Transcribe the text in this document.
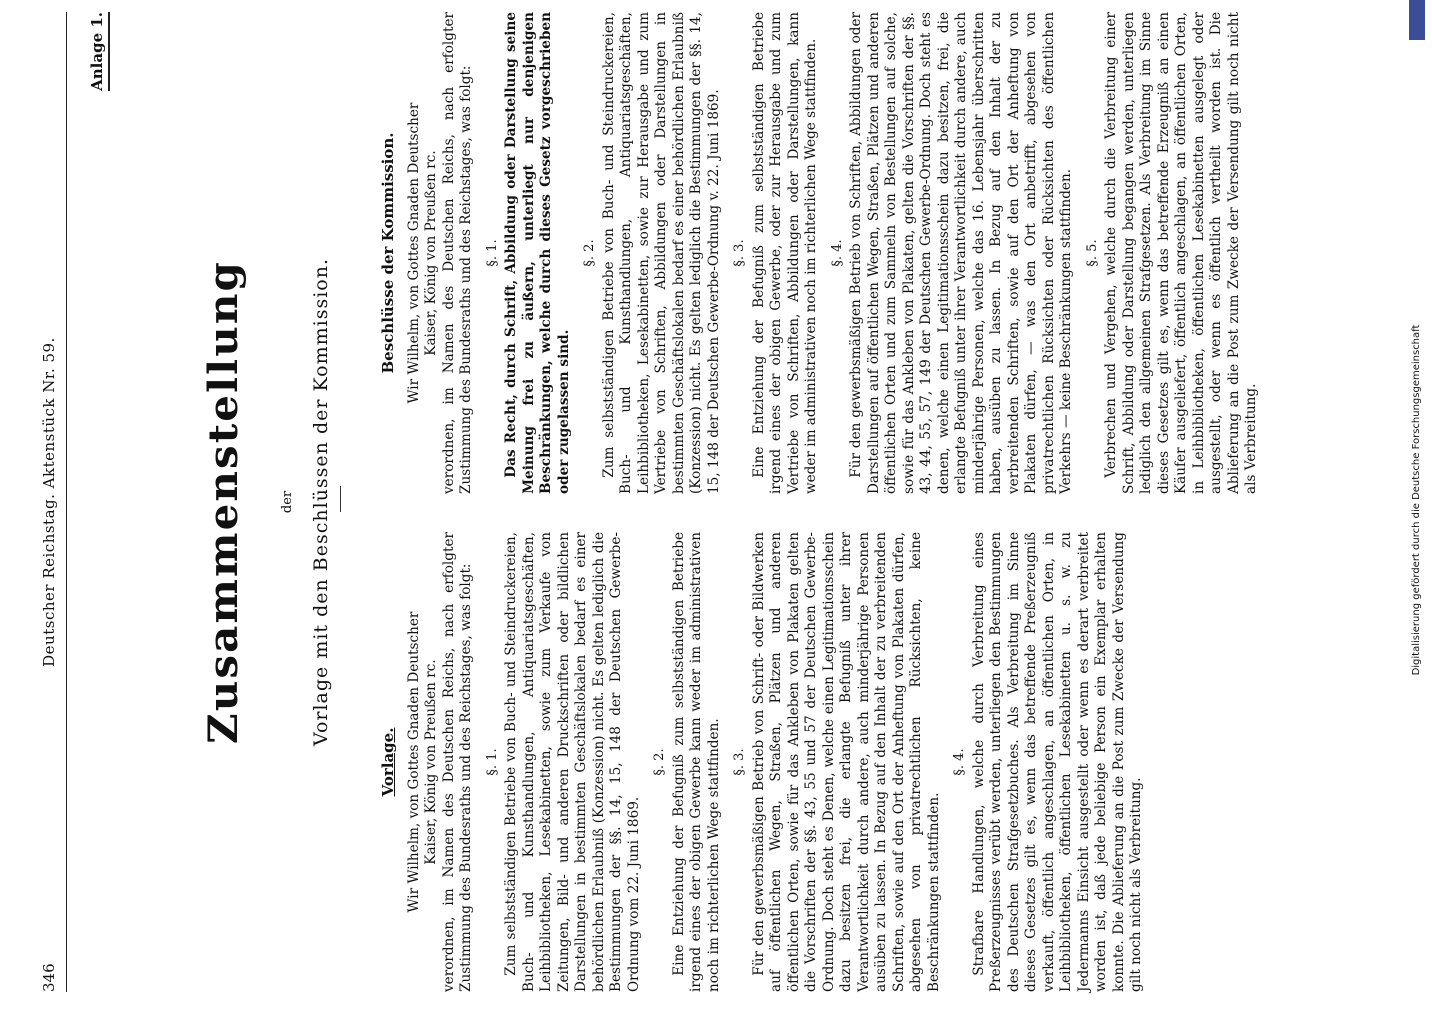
346
Deutscher Reichstag. Aktenstück Nr. 59.
Anlage 1.
Zusammenstellung	der Vorlage mit den Beschlüssen der Kommission.
Vorlage. Wir Wilhelm, von Gottes Gnaden Deutscher Kaiser, König von Preußen rc. verordnen, im Namen des Deutschen Reichs, nach erfolgter Zustimmung des Bundesraths und des Reichstages, was folgt: §. 1. Zum selbstständigen Betriebe von Buch- und Steindruckereien, Buch- und Kunsthandlungen, Antiquariatsgeschäften, Leihbibliotheken, Lesekabinetten, sowie zum Verkaufe von Zeitungen, Bild- und anderen Druckschriften oder bildlichen Darstellungen in bestimmten Geschäftslokalen bedarf es einer behördlichen Erlaubniß (Konzession) nicht. Es gelten lediglich die Bestimmungen der §§. 14, 15, 148 der Deutschen Gewerbe-Ordnung vom 22. Juni 1869.

§. 2. Eine Entziehung der Befugniß zum selbstständigen Betriebe irgend eines der obigen Gewerbe kann weder im administrativen noch im richterlichen Wege stattfinden. §. 3. Für den gewerbsmäßigen Betrieb von Schrift- oder Bildwerken auf öffentlichen Wegen, Straßen, Plätzen und anderen öffentlichen Orten, sowie für das Ankleben von Plakaten gelten die Vorschriften der §§. 43, 55 und 57 der Deutschen Gewerbe-Ordnung. Doch steht es Denen, welche einen Legitimationsschein dazu besitzen frei, die erlangte Befugniß unter ihrer Verantwortlichkeit durch andere, auch minderjährige Personen ausüben zu lassen. In Bezug auf den Inhalt der zu verbreitenden Schriften, sowie auf den Ort der Anheftung von Plakaten dürfen, abgesehen von privatrechtlichen Rücksichten, keine Beschränkungen stattfinden.

§. 4. Strafbare Handlungen, welche durch Verbreitung eines Preßerzeugnisses verübt werden, unterliegen den Bestimmungen des Deutschen Strafgesetzbuches. Als Verbreitung im Sinne dieses Gesetzes gilt es, wenn das betreffende Preßerzeugniß verkauft, öffentlich angeschlagen, an öffentlichen Orten, in Leihbibliotheken, öffentlichen Lesekabinetten u. s. w. zu Jedermanns Einsicht ausgestellt oder wenn es derart verbreitet worden ist, daß jede beliebige Person ein Exemplar erhalten konnte. Die Ablieferung an die Post zum Zwecke der Versendung gilt noch nicht als Verbreitung.

Beschlüsse der Kommission. Wir Wilhelm, von Gottes Gnaden Deutscher Kaiser, König von Preußen rc. verordnen, im Namen des Deutschen Reichs, nach erfolgter Zustimmung des Bundesraths und des Reichstages, was folgt: §. 1. Das Recht, durch Schrift, Abbildung oder Darstellung seine Meinung frei zu äußern, unterliegt nur denjenigen Beschränkungen, welche durch dieses Gesetz vorgeschrieben oder zugelassen sind.

§. 2. Zum selbstständigen Betriebe von Buch- und Steindruckereien, Buch- und Kunsthandlungen, Antiquariatsgeschäften, Leihbibliotheken, Lesekabinetten, sowie zur Herausgabe und zum Vertriebe von Schriften, Abbildungen oder Darstellungen in bestimmten Geschäftslokalen bedarf es einer behördlichen Erlaubniß (Konzession) nicht. Es gelten lediglich die Bestimmungen der §§. 14, 15, 148 der Deutschen Gewerbe-Ordnung v. 22. Juni 1869. §. 3. Eine Entziehung der Befugniß zum selbstständigen Betriebe irgend eines der obigen Gewerbe, oder zur Herausgabe und zum Vertriebe von Schriften, Abbildungen oder Darstellungen, kann weder im administrativen noch im richterlichen Wege stattfinden. §. 4. Für den gewerbsmäßigen Betrieb von Schriften, Abbildungen oder Darstellungen auf öffentlichen Wegen, Straßen, Plätzen und anderen öffentlichen Orten und zum Sammeln von Bestellungen auf solche, sowie für das Ankleben von Plakaten, gelten die Vorschriften der §§. 43, 44, 55, 57, 149 der Deutschen Gewerbe-Ordnung. Doch steht es denen, welche einen Legitimationsschein dazu besitzen, frei, die erlangte Befugniß unter ihrer Verantwortlichkeit durch andere, auch minderjährige Personen, welche das 16. Lebensjahr überschritten haben, ausüben zu lassen. In Bezug auf den Inhalt der zu verbreitenden Schriften, sowie auf den Ort der Anheftung von Plakaten dürfen, — was den Ort anbetrifft, abgesehen von privatrechtlichen Rücksichten oder Rücksichten des öffentlichen Verkehrs — keine Beschränkungen stattfinden. §. 5. Verbrechen und Vergehen, welche durch die Verbreitung einer Schrift, Abbildung oder Darstellung begangen werden, unterliegen lediglich den allgemeinen Strafgesetzen. Als Verbreitung im Sinne dieses Gesetzes gilt es, wenn das betreffende Erzeugniß an einen Käufer ausgeliefert, öffentlich angeschlagen, an öffentlichen Orten, in Leihbibliotheken, öffentlichen Lesekabinetten ausgelegt oder ausgestellt, oder wenn es öffentlich vertheilt worden ist. Die Ablieferung an die Post zum Zwecke der Versendung gilt noch nicht als Verbreitung.	Digitalisierung gefördert durch die Deutsche Forschungsgemeinschaft
